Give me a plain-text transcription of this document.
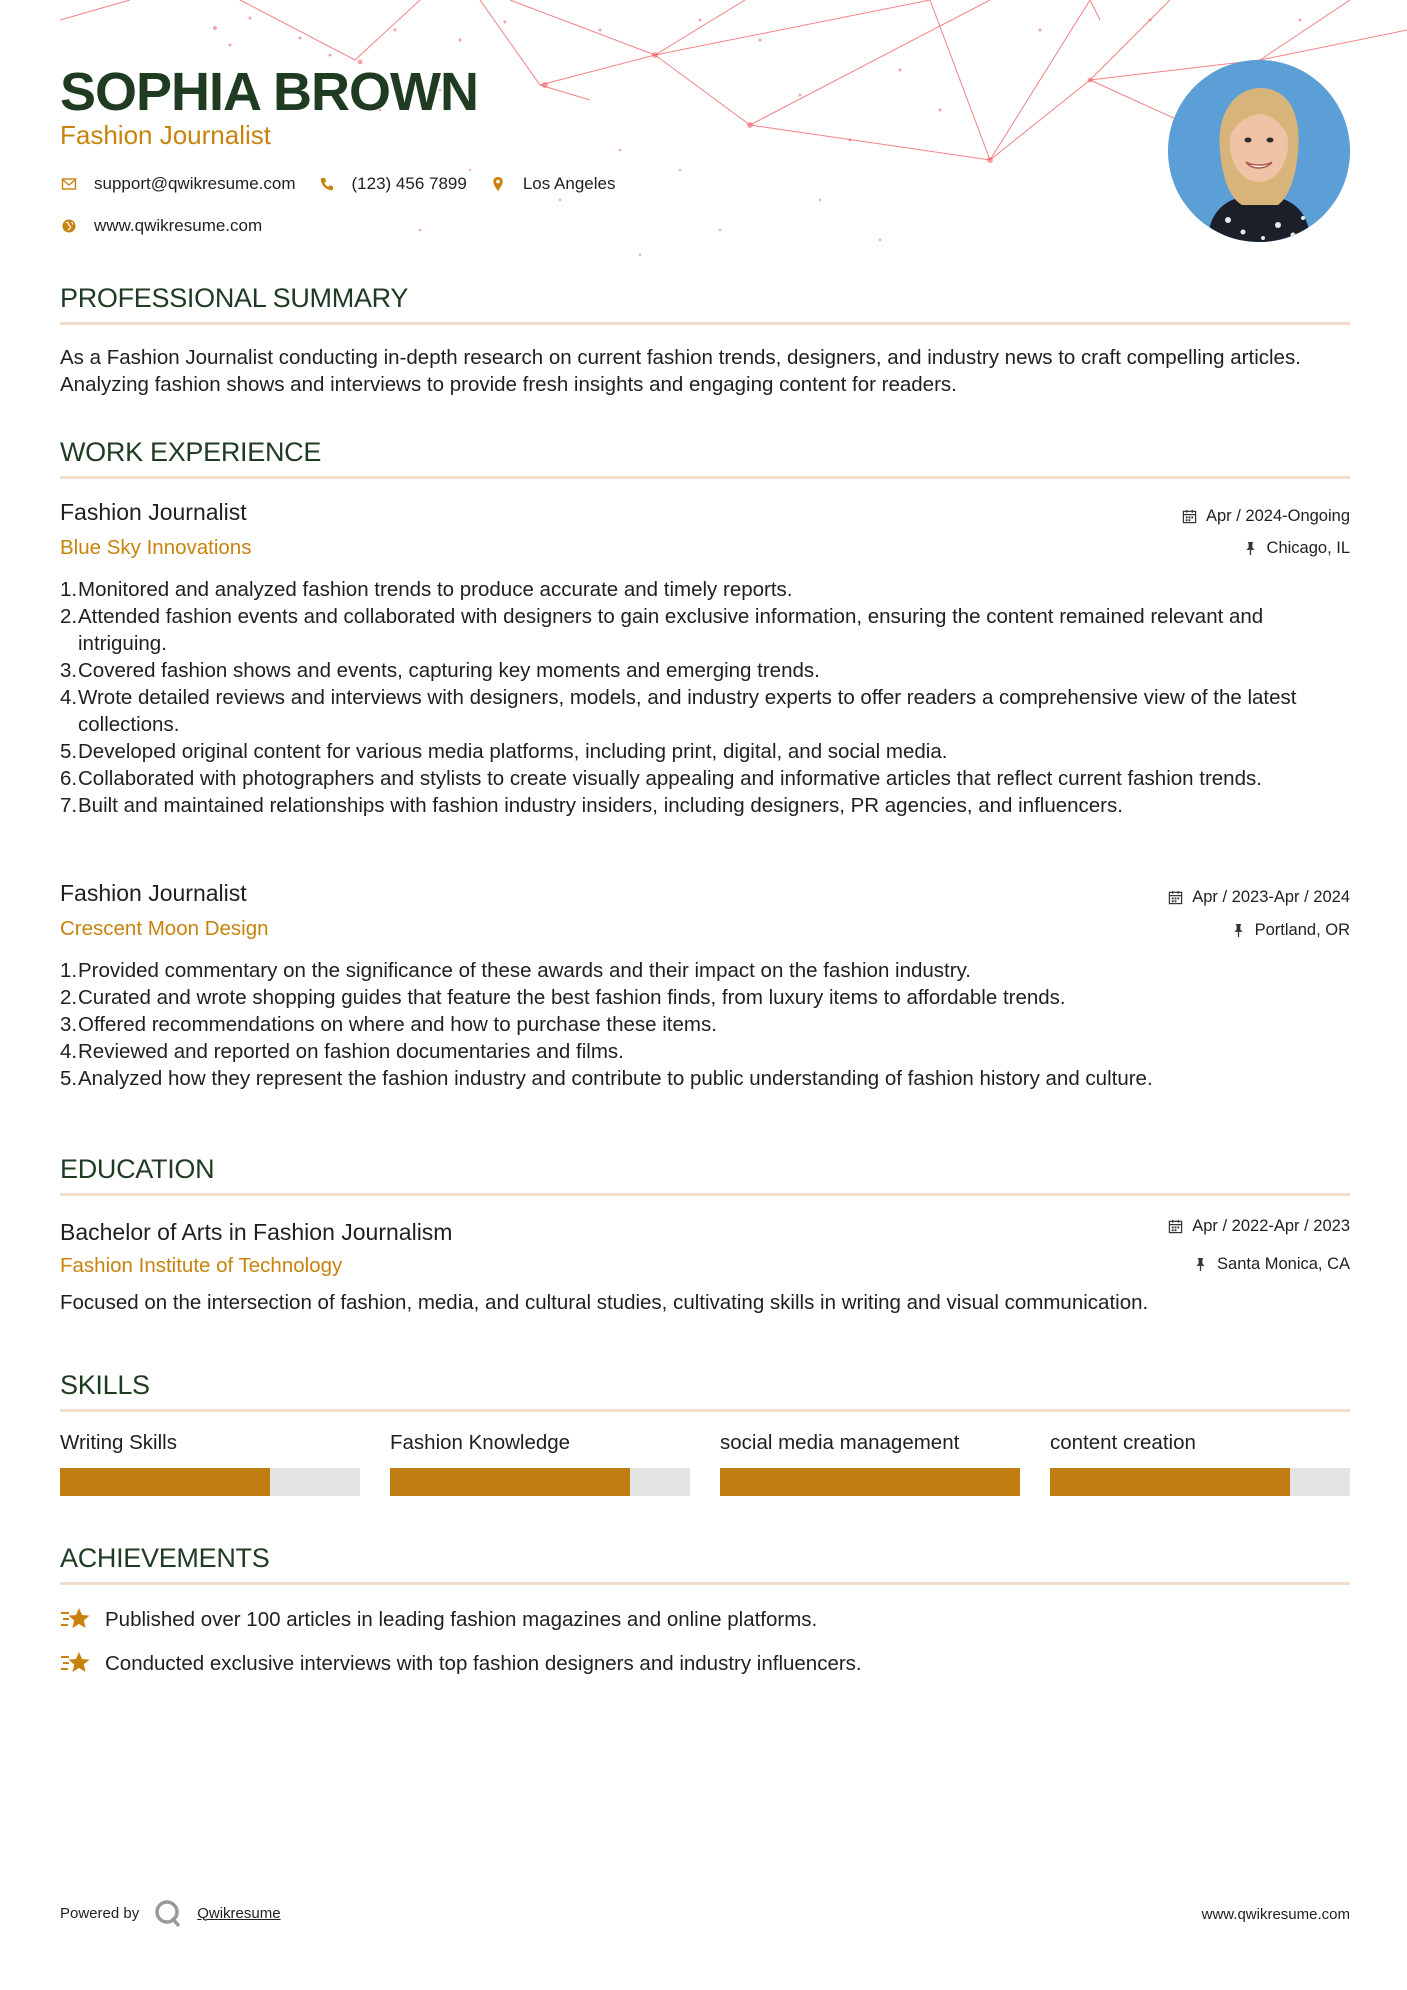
SOPHIA BROWN
Fashion Journalist
support@qwikresume.com	(123) 456 7899	Los Angeles
www.qwikresume.com
PROFESSIONAL SUMMARY

As a Fashion Journalist conducting in-depth research on current fashion trends, designers, and industry news to craft compelling articles. Analyzing fashion shows and interviews to provide fresh insights and engaging content for readers.

WORK EXPERIENCE
Fashion Journalist
Blue Sky Innovations
Apr / 2024-Ongoing
Chicago, IL
1. Monitored and analyzed fashion trends to produce accurate and timely reports.
2. Attended fashion events and collaborated with designers to gain exclusive information, ensuring the content remained relevant and intriguing.
3. Covered fashion shows and events, capturing key moments and emerging trends.
4. Wrote detailed reviews and interviews with designers, models, and industry experts to offer readers a comprehensive view of the latest collections.
5. Developed original content for various media platforms, including print, digital, and social media.
6. Collaborated with photographers and stylists to create visually appealing and informative articles that reflect current fashion trends.
7. Built and maintained relationships with fashion industry insiders, including designers, PR agencies, and influencers.
Fashion Journalist
Crescent Moon Design
Apr / 2023-Apr / 2024
Portland, OR
1. Provided commentary on the significance of these awards and their impact on the fashion industry.
2. Curated and wrote shopping guides that feature the best fashion finds, from luxury items to affordable trends.
3. Offered recommendations on where and how to purchase these items.
4. Reviewed and reported on fashion documentaries and films.
5. Analyzed how they represent the fashion industry and contribute to public understanding of fashion history and culture.
EDUCATION
Bachelor of Arts in Fashion Journalism
Fashion Institute of Technology
Apr / 2022-Apr / 2023
Santa Monica, CA

Focused on the intersection of fashion, media, and cultural studies, cultivating skills in writing and visual communication.

SKILLS
Writing Skills	Fashion Knowledge	social media management	content creation
ACHIEVEMENTS
Published over 100 articles in leading fashion magazines and online platforms.
Conducted exclusive interviews with top fashion designers and industry influencers.
Powered by	Qwikresume	www.qwikresume.com
